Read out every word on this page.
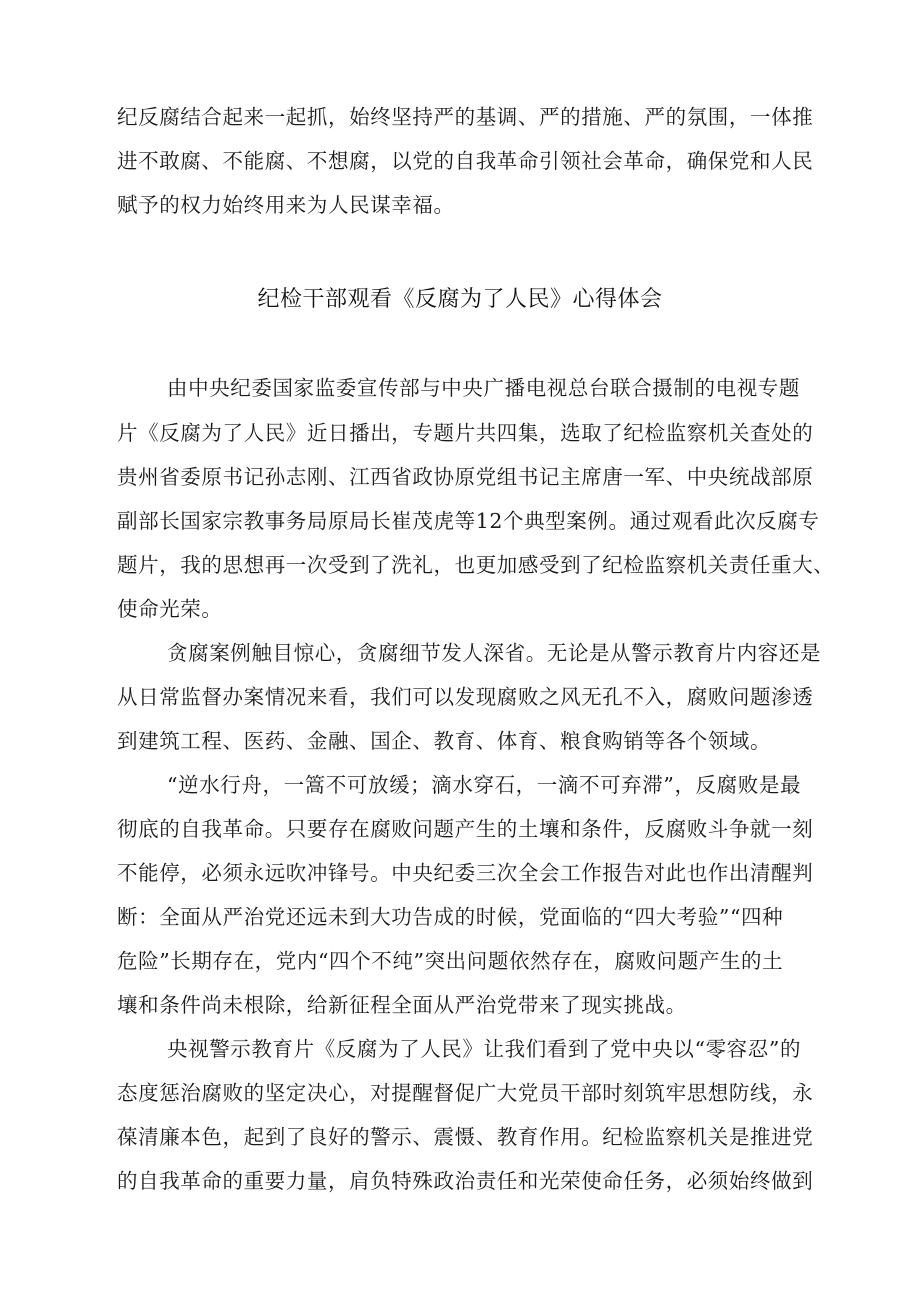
纪反腐结合起来一起抓，始终坚持严的基调、严的措施、严的氛围，一体推
进不敢腐、不能腐、不想腐，以党的自我革命引领社会革命，确保党和人民
赋予的权力始终用来为人民谋幸福。
纪检干部观看《反腐为了人民》心得体会
由中央纪委国家监委宣传部与中央广播电视总台联合摄制的电视专题
片《反腐为了人民》近日播出，专题片共四集，选取了纪检监察机关查处的
贵州省委原书记孙志刚、江西省政协原党组书记主席唐一军、中央统战部原
副部长国家宗教事务局原局长崔茂虎等12个典型案例。通过观看此次反腐专
题片，我的思想再一次受到了洗礼，也更加感受到了纪检监察机关责任重大、
使命光荣。
贪腐案例触目惊心，贪腐细节发人深省。无论是从警示教育片内容还是
从日常监督办案情况来看，我们可以发现腐败之风无孔不入，腐败问题渗透
到建筑工程、医药、金融、国企、教育、体育、粮食购销等各个领域。
“逆水行舟，一篙不可放缓；滴水穿石，一滴不可弃滞”，反腐败是最
彻底的自我革命。只要存在腐败问题产生的土壤和条件，反腐败斗争就一刻
不能停，必须永远吹冲锋号。中央纪委三次全会工作报告对此也作出清醒判
断：全面从严治党还远未到大功告成的时候，党面临的“四大考验”“四种
危险”长期存在，党内“四个不纯”突出问题依然存在，腐败问题产生的土
壤和条件尚未根除，给新征程全面从严治党带来了现实挑战。
央视警示教育片《反腐为了人民》让我们看到了党中央以“零容忍”的
态度惩治腐败的坚定决心，对提醒督促广大党员干部时刻筑牢思想防线，永
葆清廉本色，起到了良好的警示、震慑、教育作用。纪检监察机关是推进党
的自我革命的重要力量，肩负特殊政治责任和光荣使命任务，必须始终做到
